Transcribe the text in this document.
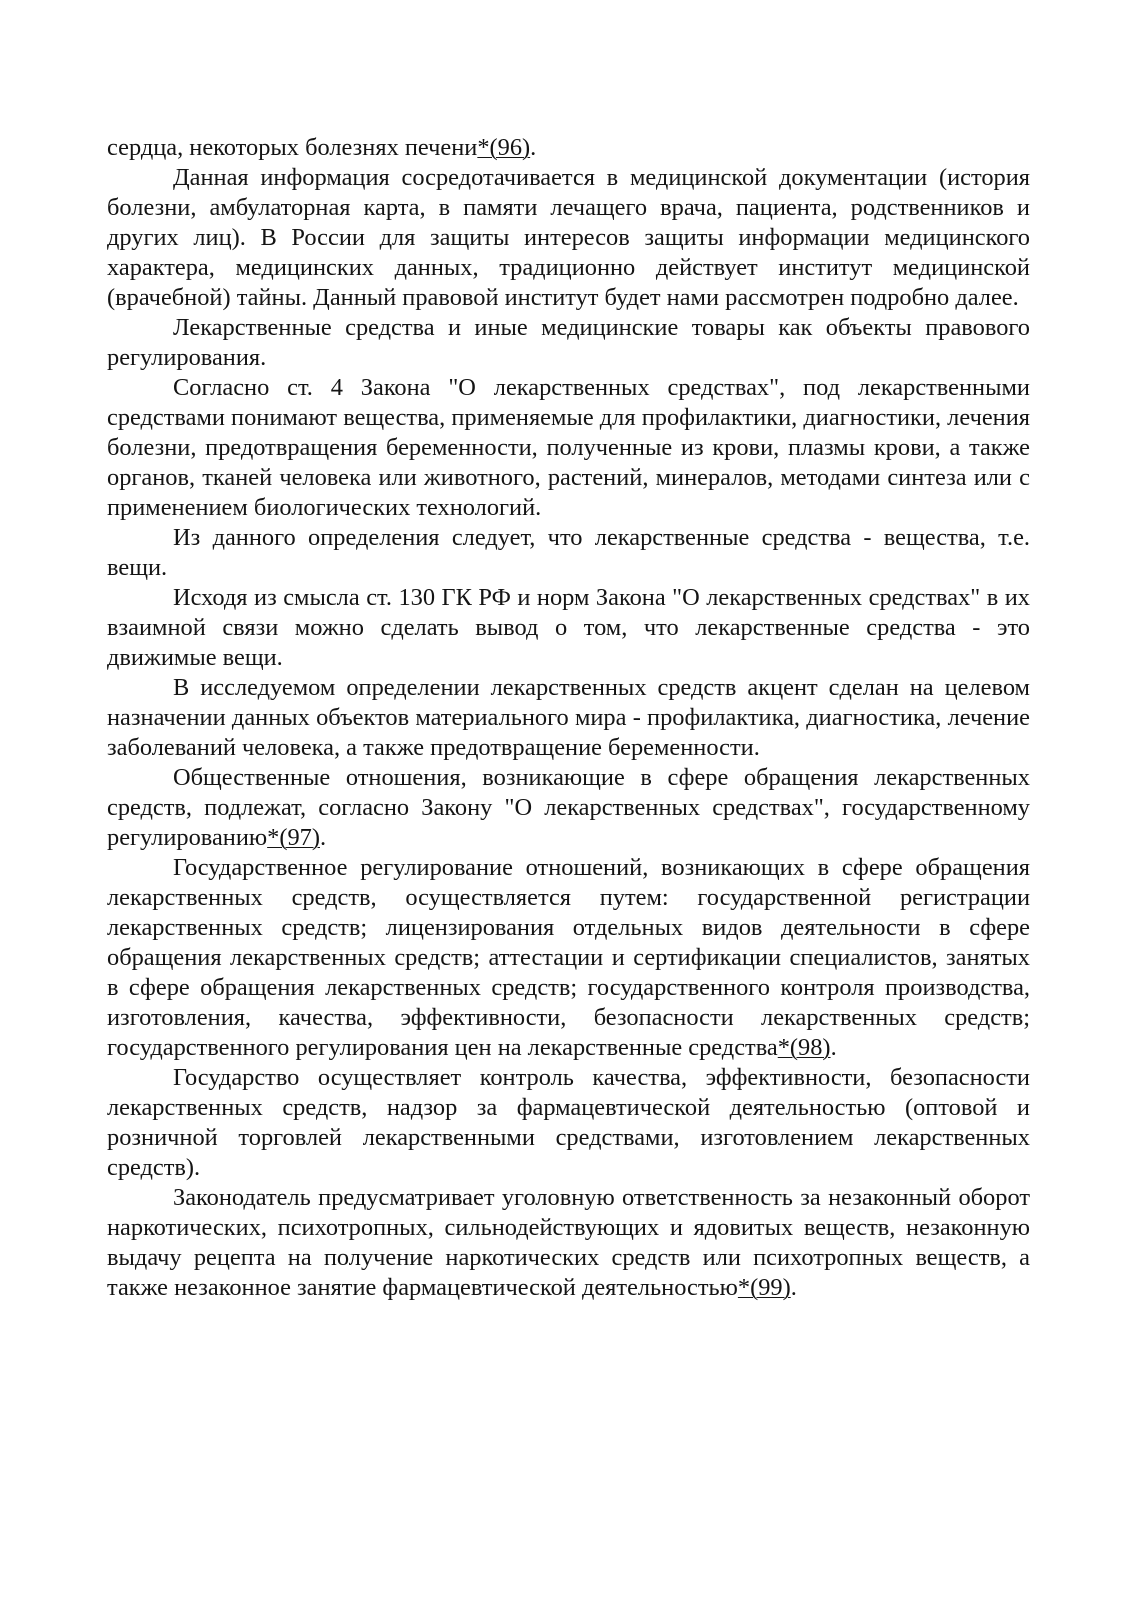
сердца, некоторых болезнях печени*(96).

Данная информация сосредотачивается в медицинской документации (история болезни, амбулаторная карта, в памяти лечащего врача, пациента, родственников и других лиц). В России для защиты интересов защиты информации медицинского характера, медицинских данных, традиционно действует институт медицинской (врачебной) тайны. Данный правовой институт будет нами рассмотрен подробно далее.

Лекарственные средства и иные медицинские товары как объекты правового регулирования.

Согласно ст. 4 Закона "О лекарственных средствах", под лекарственными средствами понимают вещества, применяемые для профилактики, диагностики, лечения болезни, предотвращения беременности, полученные из крови, плазмы крови, а также органов, тканей человека или животного, растений, минералов, методами синтеза или с применением биологических технологий.

Из данного определения следует, что лекарственные средства - вещества, т.е. вещи.

Исходя из смысла ст. 130 ГК РФ и норм Закона "О лекарственных средствах" в их взаимной связи можно сделать вывод о том, что лекарственные средства - это движимые вещи.

В исследуемом определении лекарственных средств акцент сделан на целевом назначении данных объектов материального мира - профилактика, диагностика, лечение заболеваний человека, а также предотвращение беременности.

Общественные отношения, возникающие в сфере обращения лекарственных средств, подлежат, согласно Закону "О лекарственных средствах", государственному регулированию*(97).

Государственное регулирование отношений, возникающих в сфере обращения лекарственных средств, осуществляется путем: государственной регистрации лекарственных средств; лицензирования отдельных видов деятельности в сфере обращения лекарственных средств; аттестации и сертификации специалистов, занятых в сфере обращения лекарственных средств; государственного контроля производства, изготовления, качества, эффективности, безопасности лекарственных средств; государственного регулирования цен на лекарственные средства*(98).

Государство осуществляет контроль качества, эффективности, безопасности лекарственных средств, надзор за фармацевтической деятельностью (оптовой и розничной торговлей лекарственными средствами, изготовлением лекарственных средств).

Законодатель предусматривает уголовную ответственность за незаконный оборот наркотических, психотропных, сильнодействующих и ядовитых веществ, незаконную выдачу рецепта на получение наркотических средств или психотропных веществ, а также незаконное занятие фармацевтической деятельностью*(99).
